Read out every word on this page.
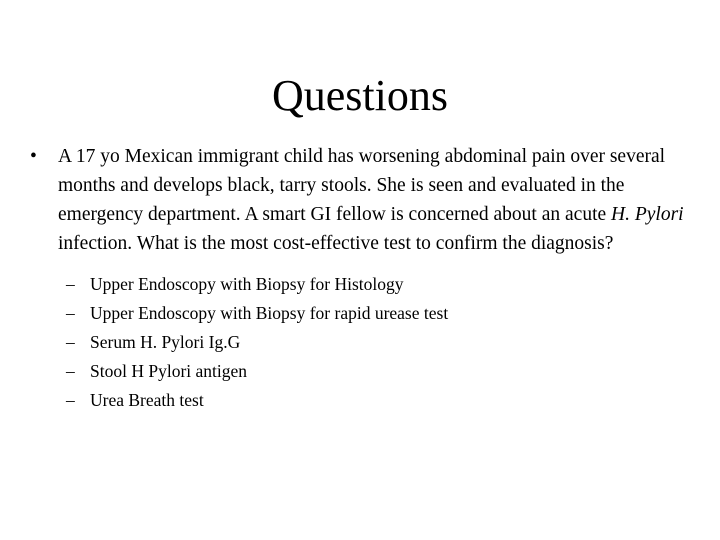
Questions
• A 17 yo Mexican immigrant child has worsening abdominal pain over several months and develops black, tarry stools. She is seen and evaluated in the emergency department. A smart GI fellow is concerned about an acute H. Pylori infection. What is the most cost-effective test to confirm the diagnosis?
– Upper Endoscopy with Biopsy for Histology
– Upper Endoscopy with Biopsy for rapid urease test
– Serum H. Pylori Ig.G
– Stool H Pylori antigen
– Urea Breath test
